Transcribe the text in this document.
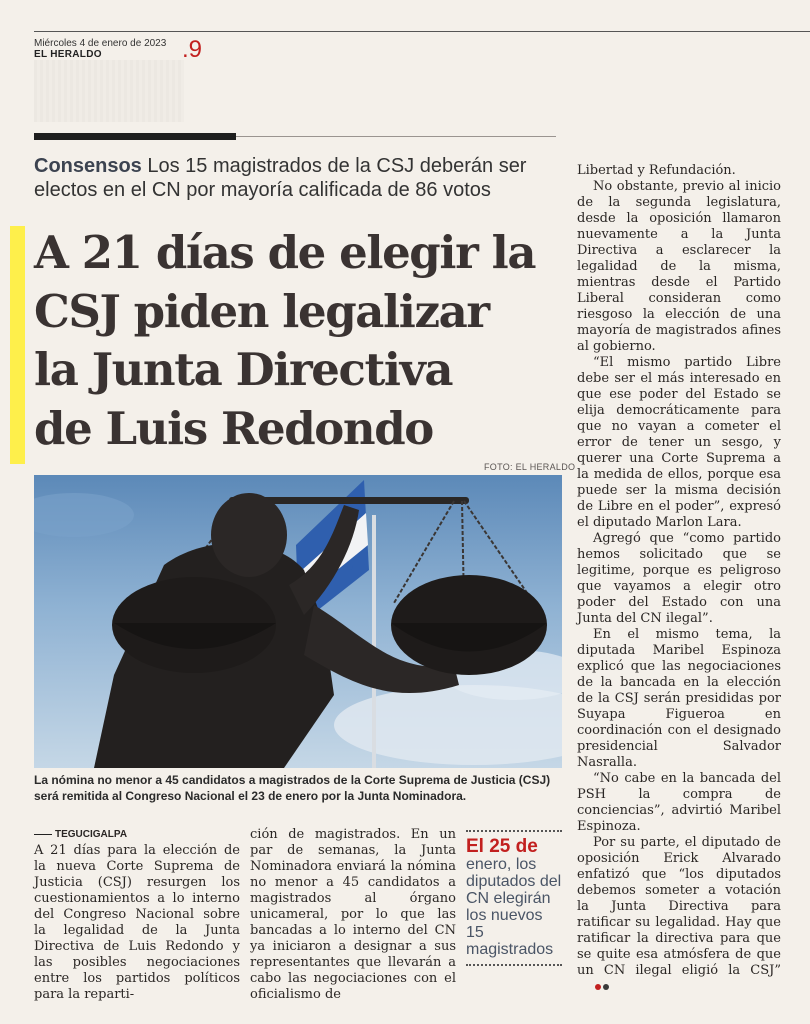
Miércoles 4 de enero de 2023
EL HERALDO	.9
Consensos Los 15 magistrados de la CSJ deberán ser electos en el CN por mayoría calificada de 86 votos
A 21 días de elegir la
CSJ piden legalizar
la Junta Directiva
de Luis Redondo
FOTO: EL HERALDO
La nómina no menor a 45 candidatos a magistrados de la Corte Suprema de Justicia (CSJ) será remitida al Congreso Nacional el 23 de enero por la Junta Nominadora.
TEGUCIGALPA

A 21 días para la elección de la nueva Corte Suprema de Justicia (CSJ) resurgen los cuestionamientos a lo interno del Congreso Nacional sobre la legalidad de la Junta Directiva de Luis Redondo y las posibles negociaciones entre los partidos políticos para la reparti-

ción de magistrados. En un par de semanas, la Junta Nominadora enviará la nómina no menor a 45 candidatos a magistrados al órgano unicameral, por lo que las bancadas a lo interno del CN ya iniciaron a designar a sus representantes que llevarán a cabo las negociaciones con el oficialismo de

El 25 de enero, los diputados del CN elegirán los nuevos 15 magistrados

Libertad y Refundación.

No obstante, previo al inicio de la segunda legislatura, desde la oposición llamaron nuevamente a la Junta Directiva a esclarecer la legalidad de la misma, mientras desde el Partido Liberal consideran como riesgoso la elección de una mayoría de magistrados afines al gobierno.

“El mismo partido Libre debe ser el más interesado en que ese poder del Estado se elija democráticamente para que no vayan a cometer el error de tener un sesgo, y querer una Corte Suprema a la medida de ellos, porque esa puede ser la misma decisión de Libre en el poder”, expresó el diputado Marlon Lara.

Agregó que “como partido hemos solicitado que se legitime, porque es peligroso que vayamos a elegir otro poder del Estado con una Junta del CN ilegal”.

En el mismo tema, la diputada Maribel Espinoza explicó que las negociaciones de la bancada en la elección de la CSJ serán presididas por Suyapa Figueroa en coordinación con el designado presidencial Salvador Nasralla.

“No cabe en la bancada del PSH la compra de conciencias”, advirtió Maribel Espinoza.

Por su parte, el diputado de oposición Erick Alvarado enfatizó que “los diputados debemos someter a votación la Junta Directiva para ratificar su legalidad. Hay que ratificar la directiva para que se quite esa atmósfera de que un CN ilegal eligió la CSJ”
